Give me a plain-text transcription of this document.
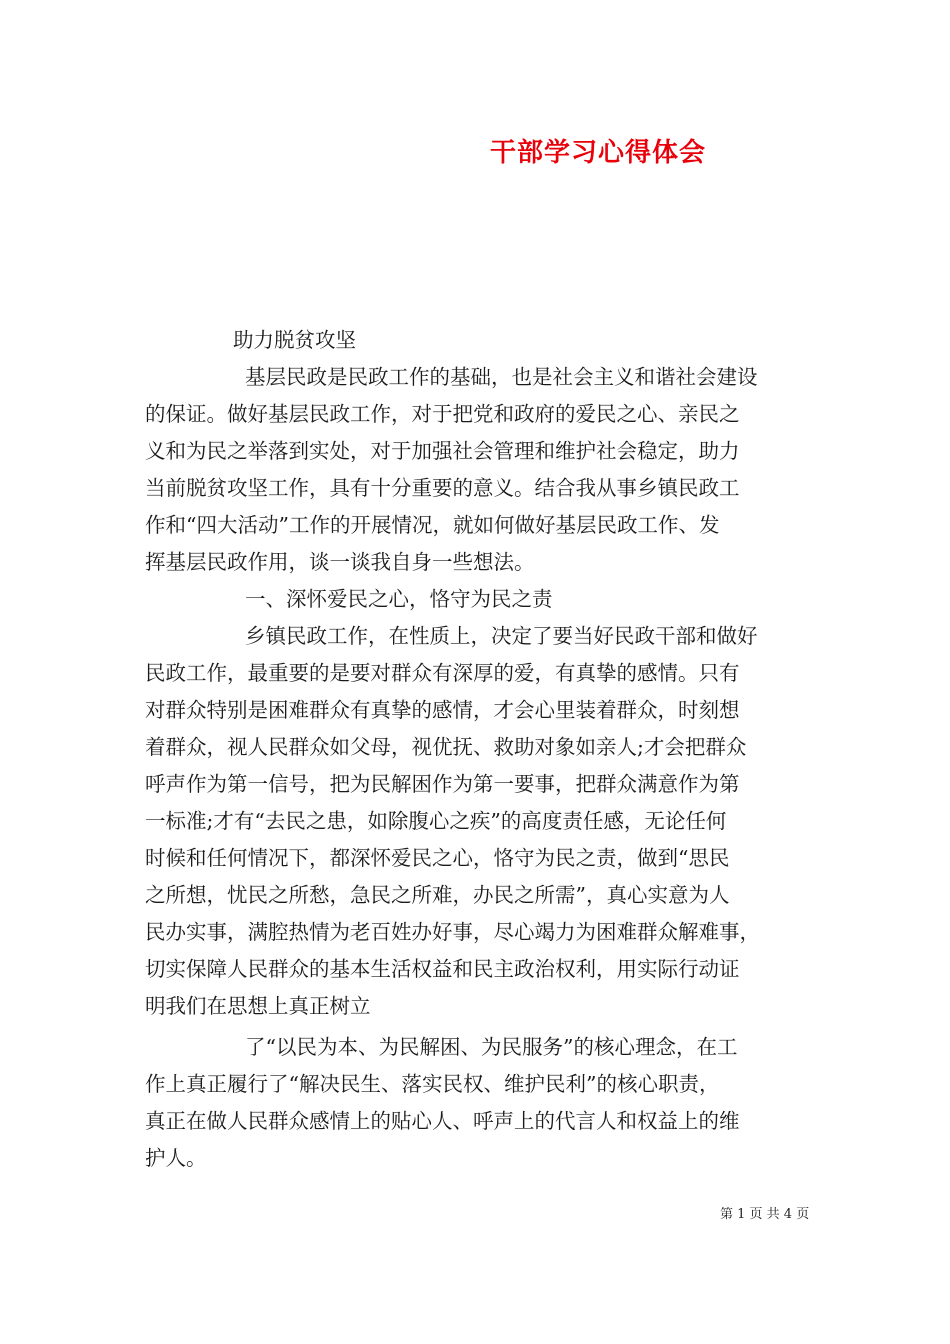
干部学习心得体会
助力脱贫攻坚
基层民政是民政工作的基础，也是社会主义和谐社会建设
的保证。做好基层民政工作，对于把党和政府的爱民之心、亲民之
义和为民之举落到实处，对于加强社会管理和维护社会稳定，助力
当前脱贫攻坚工作，具有十分重要的意义。结合我从事乡镇民政工
作和“四大活动”工作的开展情况，就如何做好基层民政工作、发
挥基层民政作用，谈一谈我自身一些想法。
一、深怀爱民之心，恪守为民之责
乡镇民政工作，在性质上，决定了要当好民政干部和做好
民政工作，最重要的是要对群众有深厚的爱，有真挚的感情。只有
对群众特别是困难群众有真挚的感情，才会心里装着群众，时刻想
着群众，视人民群众如父母，视优抚、救助对象如亲人;才会把群众
呼声作为第一信号，把为民解困作为第一要事，把群众满意作为第
一标准;才有“去民之患，如除腹心之疾”的高度责任感，无论任何
时候和任何情况下，都深怀爱民之心，恪守为民之责，做到“思民
之所想，忧民之所愁，急民之所难，办民之所需”，真心实意为人
民办实事，满腔热情为老百姓办好事，尽心竭力为困难群众解难事，
切实保障人民群众的基本生活权益和民主政治权利，用实际行动证
明我们在思想上真正树立
了“以民为本、为民解困、为民服务”的核心理念，在工
作上真正履行了“解决民生、落实民权、维护民利”的核心职责，
真正在做人民群众感情上的贴心人、呼声上的代言人和权益上的维
护人。
第 1 页 共 4 页
